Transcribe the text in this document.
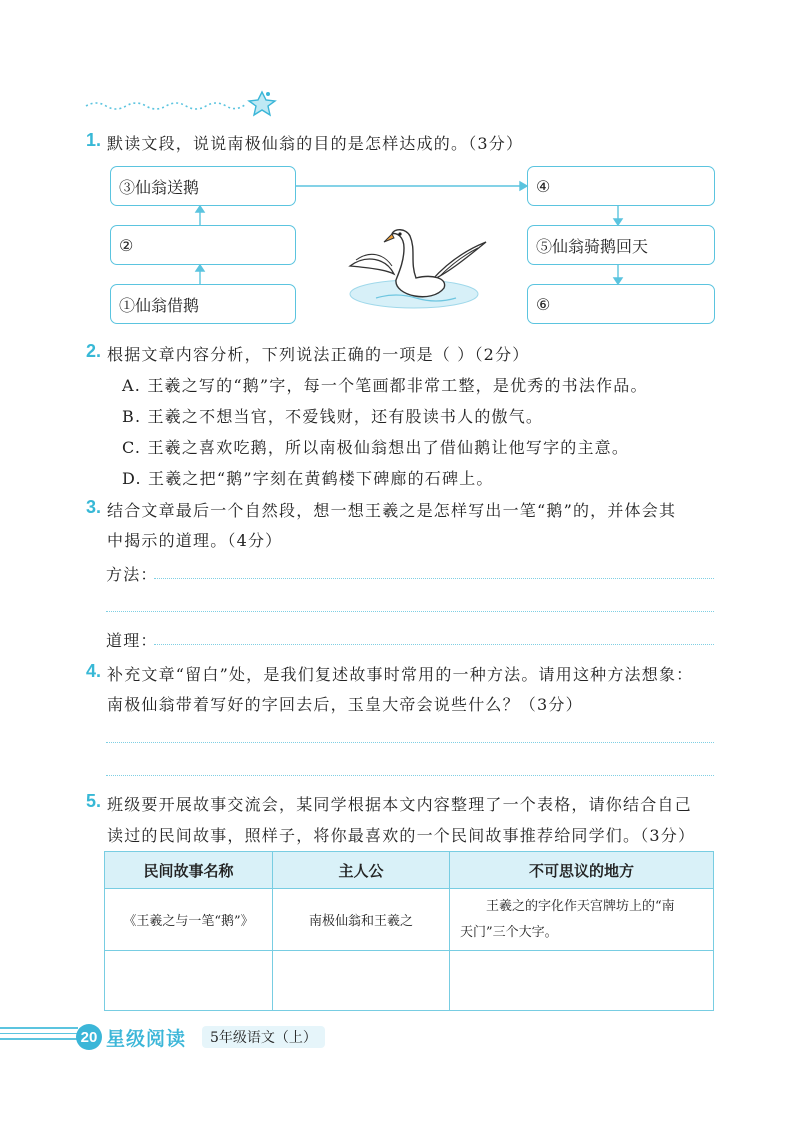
1. 默读文段，说说南极仙翁的目的是怎样达成的。（3分）
③仙翁送鹅
②
①仙翁借鹅
④
⑤仙翁骑鹅回天
⑥
2. 根据文章内容分析，下列说法正确的一项是（ ）（2分）
A. 王羲之写的“鹅”字，每一个笔画都非常工整，是优秀的书法作品。
B. 王羲之不想当官，不爱钱财，还有股读书人的傲气。
C. 王羲之喜欢吃鹅，所以南极仙翁想出了借仙鹅让他写字的主意。
D. 王羲之把“鹅”字刻在黄鹤楼下碑廊的石碑上。
3. 结合文章最后一个自然段，想一想王羲之是怎样写出一笔“鹅”的，并体会其
中揭示的道理。（4分）
方法：
道理：
4. 补充文章“留白”处，是我们复述故事时常用的一种方法。请用这种方法想象：
南极仙翁带着写好的字回去后，玉皇大帝会说些什么？（3分）
5. 班级要开展故事交流会，某同学根据本文内容整理了一个表格，请你结合自己
读过的民间故事，照样子，将你最喜欢的一个民间故事推荐给同学们。（3分）
民间故事名称	主人公	不可思议的地方
《王羲之与一笔“鹅”》	南极仙翁和王羲之	王羲之的字化作天宫牌坊上的“南
天门”三个大字。

20 星级阅读 5年级语文（上）
